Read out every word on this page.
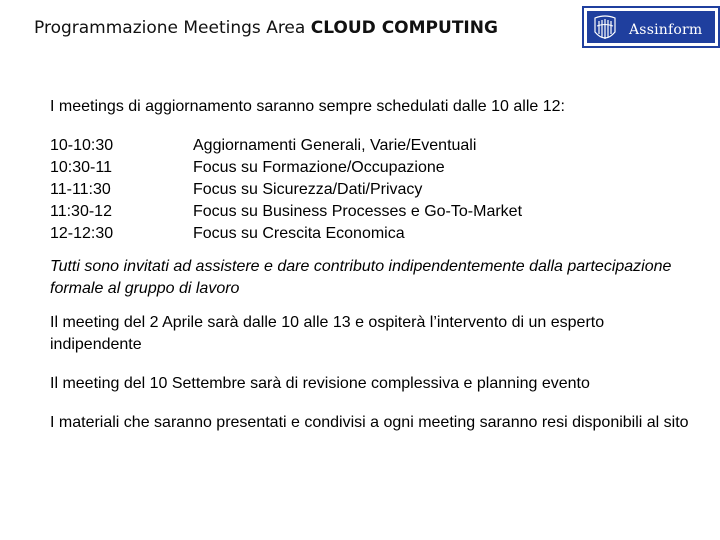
Programmazione Meetings Area CLOUD COMPUTING	Assinform

I meetings di aggiornamento saranno sempre schedulati dalle 10 alle 12:

10-10:30	Aggiornamenti Generali, Varie/Eventuali
10:30-11	Focus su Formazione/Occupazione
11-11:30	Focus su Sicurezza/Dati/Privacy
11:30-12	Focus su Business Processes e Go-To-Market
12-12:30	Focus su Crescita Economica
Tutti sono invitati ad assistere e dare contributo indipendentemente dalla partecipazione formale al gruppo di lavoro
Il meeting del 2 Aprile sarà dalle 10 alle 13 e ospiterà l’intervento di un esperto indipendente
Il meeting del 10 Settembre sarà di revisione complessiva e planning evento
I materiali che saranno presentati e condivisi a ogni meeting saranno resi disponibili al sito
